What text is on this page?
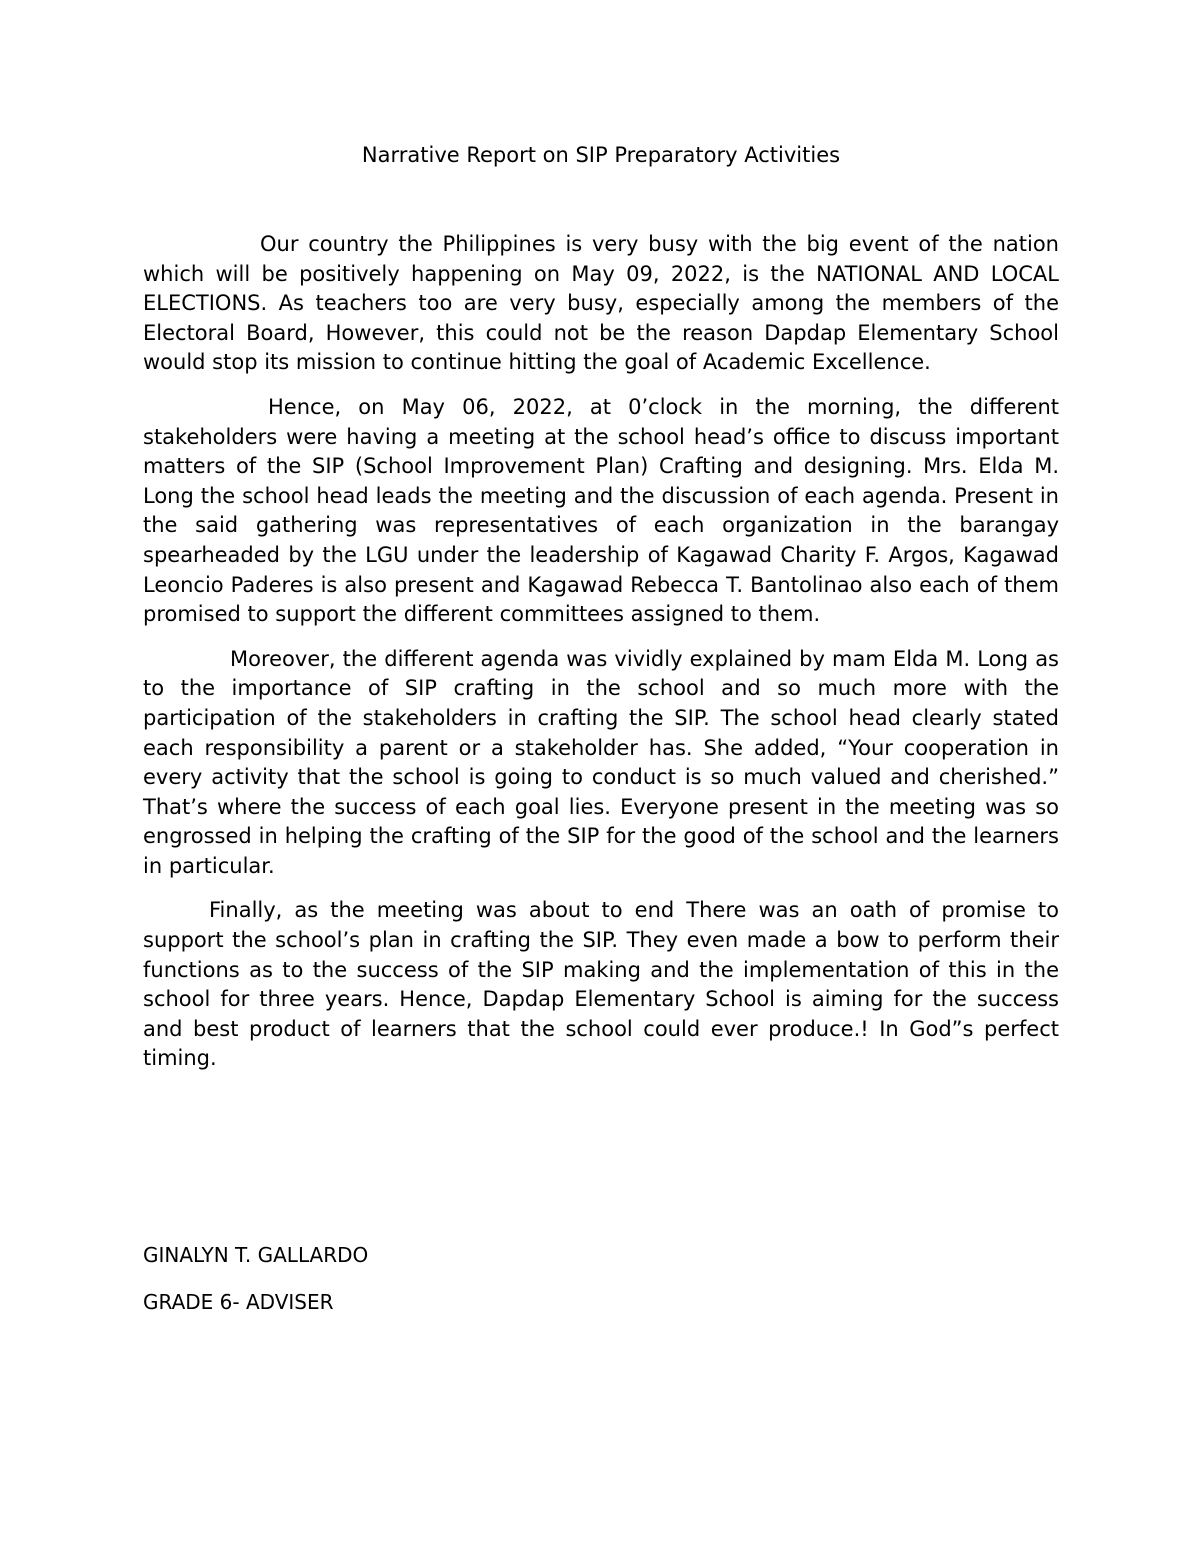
Narrative Report on SIP Preparatory Activities

Our country the Philippines is very busy with the big event of the nation which will be positively happening on May 09, 2022, is the NATIONAL AND LOCAL ELECTIONS. As teachers too are very busy, especially among the members of the Electoral Board, However, this could not be the reason Dapdap Elementary School would stop its mission to continue hitting the goal of Academic Excellence.

Hence, on May 06, 2022, at 0’clock in the morning, the different stakeholders were having a meeting at the school head’s office to discuss important matters of the SIP (School Improvement Plan) Crafting and designing. Mrs. Elda M. Long the school head leads the meeting and the discussion of each agenda. Present in the said gathering was representatives of each organization in the barangay spearheaded by the LGU under the leadership of Kagawad Charity F. Argos, Kagawad Leoncio Paderes is also present and Kagawad Rebecca T. Bantolinao also each of them promised to support the different committees assigned to them.

Moreover, the different agenda was vividly explained by mam Elda M. Long as to the importance of SIP crafting in the school and so much more with the participation of the stakeholders in crafting the SIP. The school head clearly stated each responsibility a parent or a stakeholder has. She added, “Your cooperation in every activity that the school is going to conduct is so much valued and cherished.” That’s where the success of each goal lies. Everyone present in the meeting was so engrossed in helping the crafting of the SIP for the good of the school and the learners in particular.

Finally, as the meeting was about to end There was an oath of promise to support the school’s plan in crafting the SIP. They even made a bow to perform their functions as to the success of the SIP making and the implementation of this in the school for three years. Hence, Dapdap Elementary School is aiming for the success and best product of learners that the school could ever produce.! In God”s perfect timing.

GINALYN T. GALLARDO

GRADE 6- ADVISER
